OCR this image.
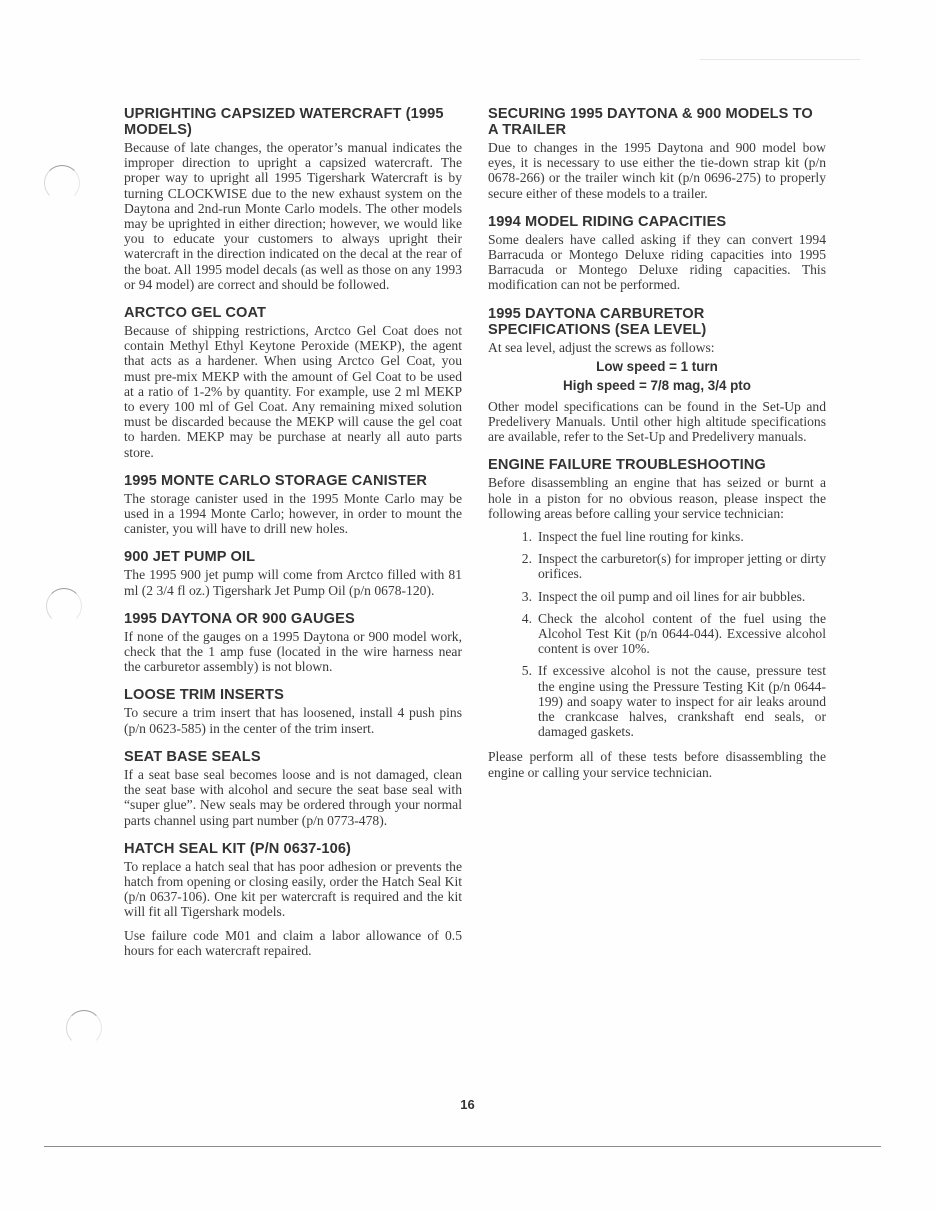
UPRIGHTING CAPSIZED WATERCRAFT (1995 MODELS)

Because of late changes, the operator’s manual indicates the improper direction to upright a capsized watercraft. The proper way to upright all 1995 Tigershark Watercraft is by turning CLOCKWISE due to the new exhaust system on the Daytona and 2nd-run Monte Carlo models. The other models may be uprighted in either direction; however, we would like you to educate your customers to always upright their watercraft in the direction indicated on the decal at the rear of the boat. All 1995 model decals (as well as those on any 1993 or 94 model) are correct and should be followed.

ARCTCO GEL COAT

Because of shipping restrictions, Arctco Gel Coat does not contain Methyl Ethyl Keytone Peroxide (MEKP), the agent that acts as a hardener. When using Arctco Gel Coat, you must pre-mix MEKP with the amount of Gel Coat to be used at a ratio of 1-2% by quantity. For example, use 2 ml MEKP to every 100 ml of Gel Coat. Any remaining mixed solution must be discarded because the MEKP will cause the gel coat to harden. MEKP may be purchase at nearly all auto parts store.

1995 MONTE CARLO STORAGE CANISTER

The storage canister used in the 1995 Monte Carlo may be used in a 1994 Monte Carlo; however, in order to mount the canister, you will have to drill new holes.

900 JET PUMP OIL

The 1995 900 jet pump will come from Arctco filled with 81 ml (2 3/4 fl oz.) Tigershark Jet Pump Oil (p/n 0678-120).

1995 DAYTONA OR 900 GAUGES

If none of the gauges on a 1995 Daytona or 900 model work, check that the 1 amp fuse (located in the wire harness near the carburetor assembly) is not blown.

LOOSE TRIM INSERTS

To secure a trim insert that has loosened, install 4 push pins (p/n 0623-585) in the center of the trim insert.

SEAT BASE SEALS

If a seat base seal becomes loose and is not damaged, clean the seat base with alcohol and secure the seat base seal with “super glue”. New seals may be ordered through your normal parts channel using part number (p/n 0773-478).

HATCH SEAL KIT (P/N 0637-106)

To replace a hatch seal that has poor adhesion or prevents the hatch from opening or closing easily, order the Hatch Seal Kit (p/n 0637-106). One kit per watercraft is required and the kit will fit all Tigershark models.

Use failure code M01 and claim a labor allowance of 0.5 hours for each watercraft repaired.

SECURING 1995 DAYTONA & 900 MODELS TO A TRAILER

Due to changes in the 1995 Daytona and 900 model bow eyes, it is necessary to use either the tie-down strap kit (p/n 0678-266) or the trailer winch kit (p/n 0696-275) to properly secure either of these models to a trailer.

1994 MODEL RIDING CAPACITIES

Some dealers have called asking if they can convert 1994 Barracuda or Montego Deluxe riding capacities into 1995 Barracuda or Montego Deluxe riding capacities. This modification can not be performed.

1995 DAYTONA CARBURETOR SPECIFICATIONS (SEA LEVEL)

At sea level, adjust the screws as follows:

Low speed = 1 turn
High speed = 7/8 mag, 3/4 pto

Other model specifications can be found in the Set-Up and Predelivery Manuals. Until other high altitude specifications are available, refer to the Set-Up and Predelivery manuals.

ENGINE FAILURE TROUBLESHOOTING

Before disassembling an engine that has seized or burnt a hole in a piston for no obvious reason, please inspect the following areas before calling your service technician:

1. Inspect the fuel line routing for kinks.
2. Inspect the carburetor(s) for improper jetting or dirty orifices.
3. Inspect the oil pump and oil lines for air bubbles.
4. Check the alcohol content of the fuel using the Alcohol Test Kit (p/n 0644-044). Excessive alcohol content is over 10%.
5. If excessive alcohol is not the cause, pressure test the engine using the Pressure Testing Kit (p/n 0644-199) and soapy water to inspect for air leaks around the crankcase halves, crankshaft end seals, or damaged gaskets.

Please perform all of these tests before disassembling the engine or calling your service technician.

16
